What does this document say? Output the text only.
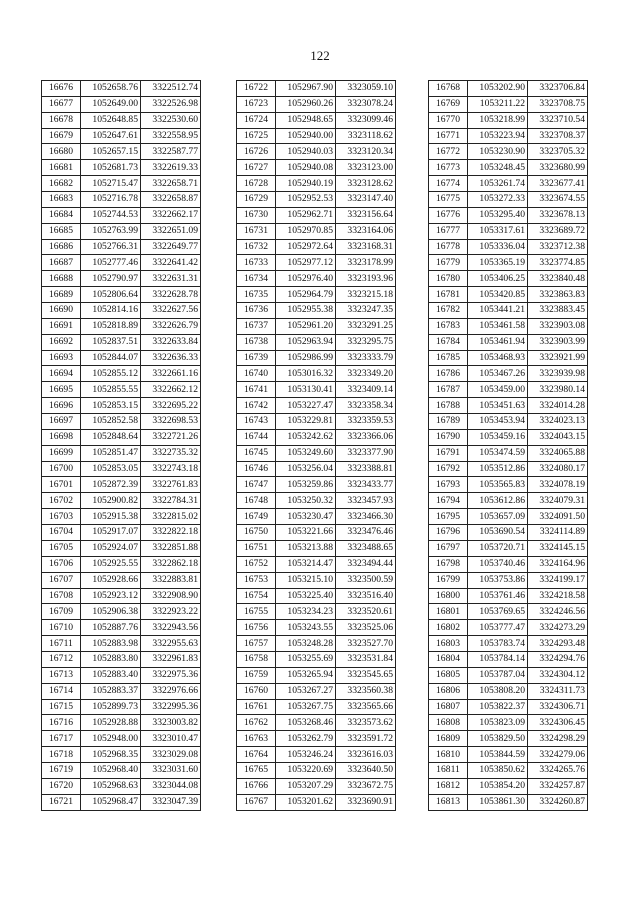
122
16676	1052658.76	3322512.74
16677	1052649.00	3322526.98
16678	1052648.85	3322530.60
16679	1052647.61	3322558.95
16680	1052657.15	3322587.77
16681	1052681.73	3322619.33
16682	1052715.47	3322658.71
16683	1052716.78	3322658.87
16684	1052744.53	3322662.17
16685	1052763.99	3322651.09
16686	1052766.31	3322649.77
16687	1052777.46	3322641.42
16688	1052790.97	3322631.31
16689	1052806.64	3322628.78
16690	1052814.16	3322627.56
16691	1052818.89	3322626.79
16692	1052837.51	3322633.84
16693	1052844.07	3322636.33
16694	1052855.12	3322661.16
16695	1052855.55	3322662.12
16696	1052853.15	3322695.22
16697	1052852.58	3322698.53
16698	1052848.64	3322721.26
16699	1052851.47	3322735.32
16700	1052853.05	3322743.18
16701	1052872.39	3322761.83
16702	1052900.82	3322784.31
16703	1052915.38	3322815.02
16704	1052917.07	3322822.18
16705	1052924.07	3322851.88
16706	1052925.55	3322862.18
16707	1052928.66	3322883.81
16708	1052923.12	3322908.90
16709	1052906.38	3322923.22
16710	1052887.76	3322943.56
16711	1052883.98	3322955.63
16712	1052883.80	3322961.83
16713	1052883.40	3322975.36
16714	1052883.37	3322976.66
16715	1052899.73	3322995.36
16716	1052928.88	3323003.82
16717	1052948.00	3323010.47
16718	1052968.35	3323029.08
16719	1052968.40	3323031.60
16720	1052968.63	3323044.08
16721	1052968.47	3323047.39
16722	1052967.90	3323059.10
16723	1052960.26	3323078.24
16724	1052948.65	3323099.46
16725	1052940.00	3323118.62
16726	1052940.03	3323120.34
16727	1052940.08	3323123.00
16728	1052940.19	3323128.62
16729	1052952.53	3323147.40
16730	1052962.71	3323156.64
16731	1052970.85	3323164.06
16732	1052972.64	3323168.31
16733	1052977.12	3323178.99
16734	1052976.40	3323193.96
16735	1052964.79	3323215.18
16736	1052955.38	3323247.35
16737	1052961.20	3323291.25
16738	1052963.94	3323295.75
16739	1052986.99	3323333.79
16740	1053016.32	3323349.20
16741	1053130.41	3323409.14
16742	1053227.47	3323358.34
16743	1053229.81	3323359.53
16744	1053242.62	3323366.06
16745	1053249.60	3323377.90
16746	1053256.04	3323388.81
16747	1053259.86	3323433.77
16748	1053250.32	3323457.93
16749	1053230.47	3323466.30
16750	1053221.66	3323476.46
16751	1053213.88	3323488.65
16752	1053214.47	3323494.44
16753	1053215.10	3323500.59
16754	1053225.40	3323516.40
16755	1053234.23	3323520.61
16756	1053243.55	3323525.06
16757	1053248.28	3323527.70
16758	1053255.69	3323531.84
16759	1053265.94	3323545.65
16760	1053267.27	3323560.38
16761	1053267.75	3323565.66
16762	1053268.46	3323573.62
16763	1053262.79	3323591.72
16764	1053246.24	3323616.03
16765	1053220.69	3323640.50
16766	1053207.29	3323672.75
16767	1053201.62	3323690.91
16768	1053202.90	3323706.84
16769	1053211.22	3323708.75
16770	1053218.99	3323710.54
16771	1053223.94	3323708.37
16772	1053230.90	3323705.32
16773	1053248.45	3323680.99
16774	1053261.74	3323677.41
16775	1053272.33	3323674.55
16776	1053295.40	3323678.13
16777	1053317.61	3323689.72
16778	1053336.04	3323712.38
16779	1053365.19	3323774.85
16780	1053406.25	3323840.48
16781	1053420.85	3323863.83
16782	1053441.21	3323883.45
16783	1053461.58	3323903.08
16784	1053461.94	3323903.99
16785	1053468.93	3323921.99
16786	1053467.26	3323939.98
16787	1053459.00	3323980.14
16788	1053451.63	3324014.28
16789	1053453.94	3324023.13
16790	1053459.16	3324043.15
16791	1053474.59	3324065.88
16792	1053512.86	3324080.17
16793	1053565.83	3324078.19
16794	1053612.86	3324079.31
16795	1053657.09	3324091.50
16796	1053690.54	3324114.89
16797	1053720.71	3324145.15
16798	1053740.46	3324164.96
16799	1053753.86	3324199.17
16800	1053761.46	3324218.58
16801	1053769.65	3324246.56
16802	1053777.47	3324273.29
16803	1053783.74	3324293.48
16804	1053784.14	3324294.76
16805	1053787.04	3324304.12
16806	1053808.20	3324311.73
16807	1053822.37	3324306.71
16808	1053823.09	3324306.45
16809	1053829.50	3324298.29
16810	1053844.59	3324279.06
16811	1053850.62	3324265.76
16812	1053854.20	3324257.87
16813	1053861.30	3324260.87
